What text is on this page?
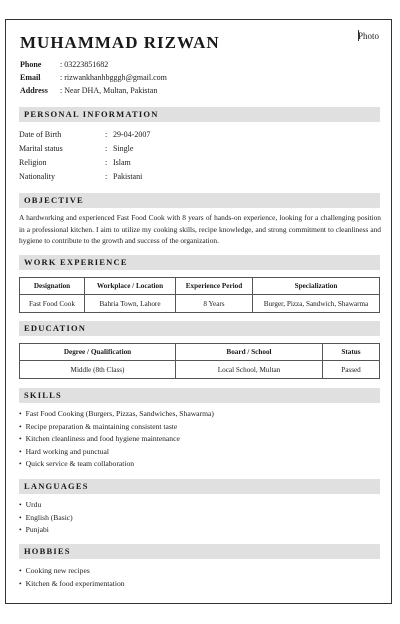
MUHAMMAD RIZWAN	Photo
Phone : 03223851682
Email : rizwankhanhbgggh@gmail.com
Address : Near DHA, Multan, Pakistan
PERSONAL INFORMATION
Date of Birth	: 29-04-2007
Marital status	: Single
Religion	: Islam
Nationality	: Pakistani
OBJECTIVE
A hardworking and experienced Fast Food Cook with 8 years of hands-on experience, looking for a challenging position in a professional kitchen. I aim to utilize my cooking skills, recipe knowledge, and strong commitment to cleanliness and hygiene to contribute to the growth and success of the organization.
WORK EXPERIENCE
Designation	Workplace / Location	Experience Period	Specialization
Fast Food Cook	Bahria Town, Lahore	8 Years	Burger, Pizza, Sandwich, Shawarma
EDUCATION
Degree / Qualification	Board / School	Status
Middle (8th Class)	Local School, Multan	Passed
SKILLS
• Fast Food Cooking (Burgers, Pizzas, Sandwiches, Shawarma)
• Recipe preparation & maintaining consistent taste
• Kitchen cleanliness and food hygiene maintenance
• Hard working and punctual
• Quick service & team collaboration
LANGUAGES
• Urdu
• English (Basic)
• Punjabi
HOBBIES
• Cooking new recipes
• Kitchen & food experimentation
